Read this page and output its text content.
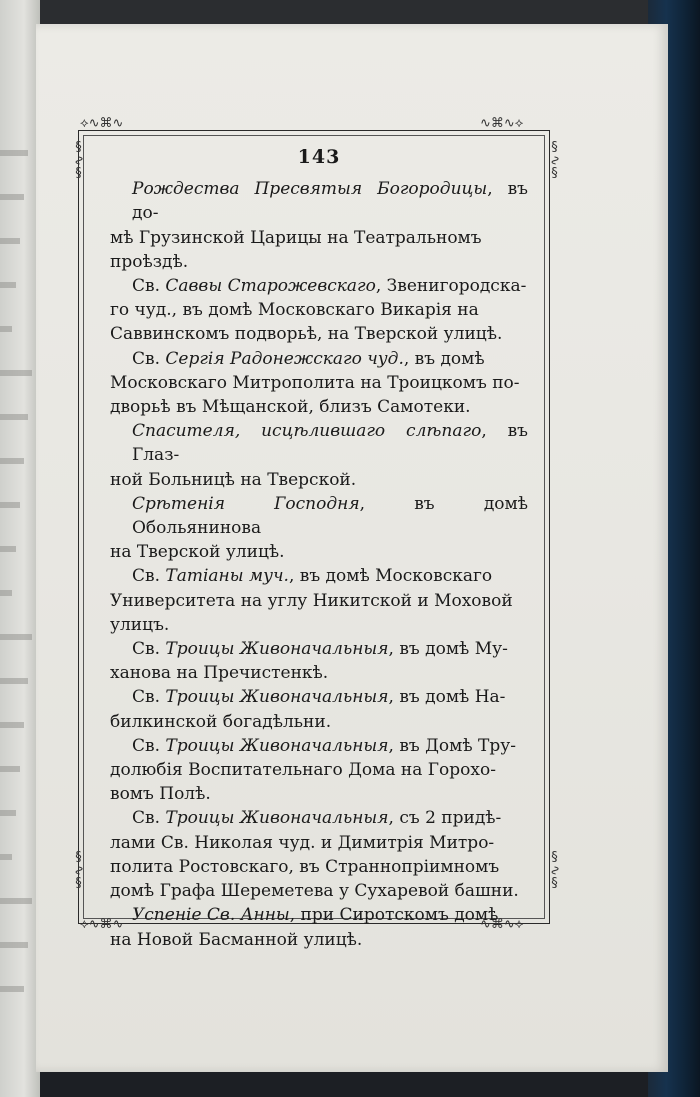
⟡∿⌘∿	∿⌘∿⟡
⟡∿⌘∿	∿⌘∿⟡
§∿§	§∿§
§∿§	§∿§
143
Рождества Пресвятыя Богородицы, въ до-
мѣ Грузинской Царицы на Театральномъ
проѣздѣ.
Св. Саввы Старожевскаго, Звенигородска-
го чуд., въ домѣ Московскаго Викарія на
Саввинскомъ подворьѣ, на Тверской улицѣ.
Св. Сергія Радонежскаго чуд., въ домѣ
Московскаго Митрополита на Троицкомъ по-
дворьѣ въ Мѣщанской, близъ Самотеки.
Спасителя, исцѣлившаго слѣпаго, въ Глаз-
ной Больницѣ на Тверской.
Срѣтенія Господня, въ домѣ Обольянинова
на Тверской улицѣ.
Св. Татіаны муч., въ домѣ Московскаго
Университета на углу Никитской и Моховой
улицъ.
Св. Троицы Живоначальныя, въ домѣ Му-
ханова на Пречистенкѣ.
Св. Троицы Живоначальныя, въ домѣ На-
билкинской богадѣльни.
Св. Троицы Живоначальныя, въ Домѣ Тру-
долюбія Воспитательнаго Дома на Горохо-
вомъ Полѣ.
Св. Троицы Живоначальныя, съ 2 придѣ-
лами Св. Николая чуд. и Димитрія Митро-
полита Ростовскаго, въ Страннопріимномъ
домѣ Графа Шереметева у Сухаревой башни.
Успеніе Св. Анны, при Сиротскомъ домѣ
на Новой Басманной улицѣ.
